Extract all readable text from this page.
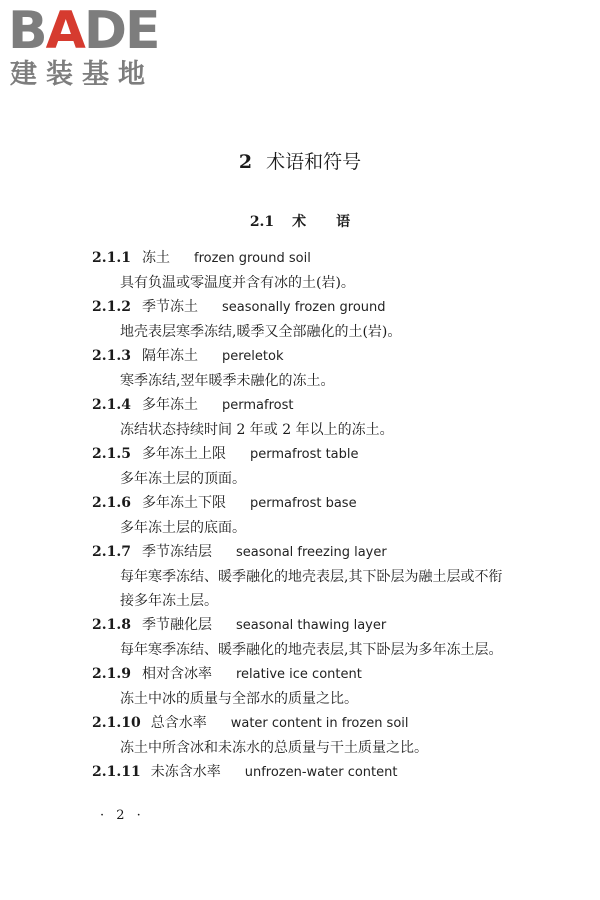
B A DE
建装基地
2 术语和符号
2.1 术 语
2.1.1 冻土 frozen ground soil
具有负温或零温度并含有冰的土(岩)。
2.1.2 季节冻土 seasonally frozen ground
地壳表层寒季冻结,暖季又全部融化的土(岩)。
2.1.3 隔年冻土 pereletok
寒季冻结,翌年暖季未融化的冻土。
2.1.4 多年冻土 permafrost
冻结状态持续时间 2 年或 2 年以上的冻土。
2.1.5 多年冻土上限 permafrost table
多年冻土层的顶面。
2.1.6 多年冻土下限 permafrost base
多年冻土层的底面。
2.1.7 季节冻结层 seasonal freezing layer
每年寒季冻结、暖季融化的地壳表层,其下卧层为融土层或不衔接多年冻土层。
2.1.8 季节融化层 seasonal thawing layer
每年寒季冻结、暖季融化的地壳表层,其下卧层为多年冻土层。
2.1.9 相对含冰率 relative ice content
冻土中冰的质量与全部水的质量之比。
2.1.10 总含水率 water content in frozen soil
冻土中所含冰和未冻水的总质量与干土质量之比。
2.1.11 未冻含水率 unfrozen-water content
· 2 ·
